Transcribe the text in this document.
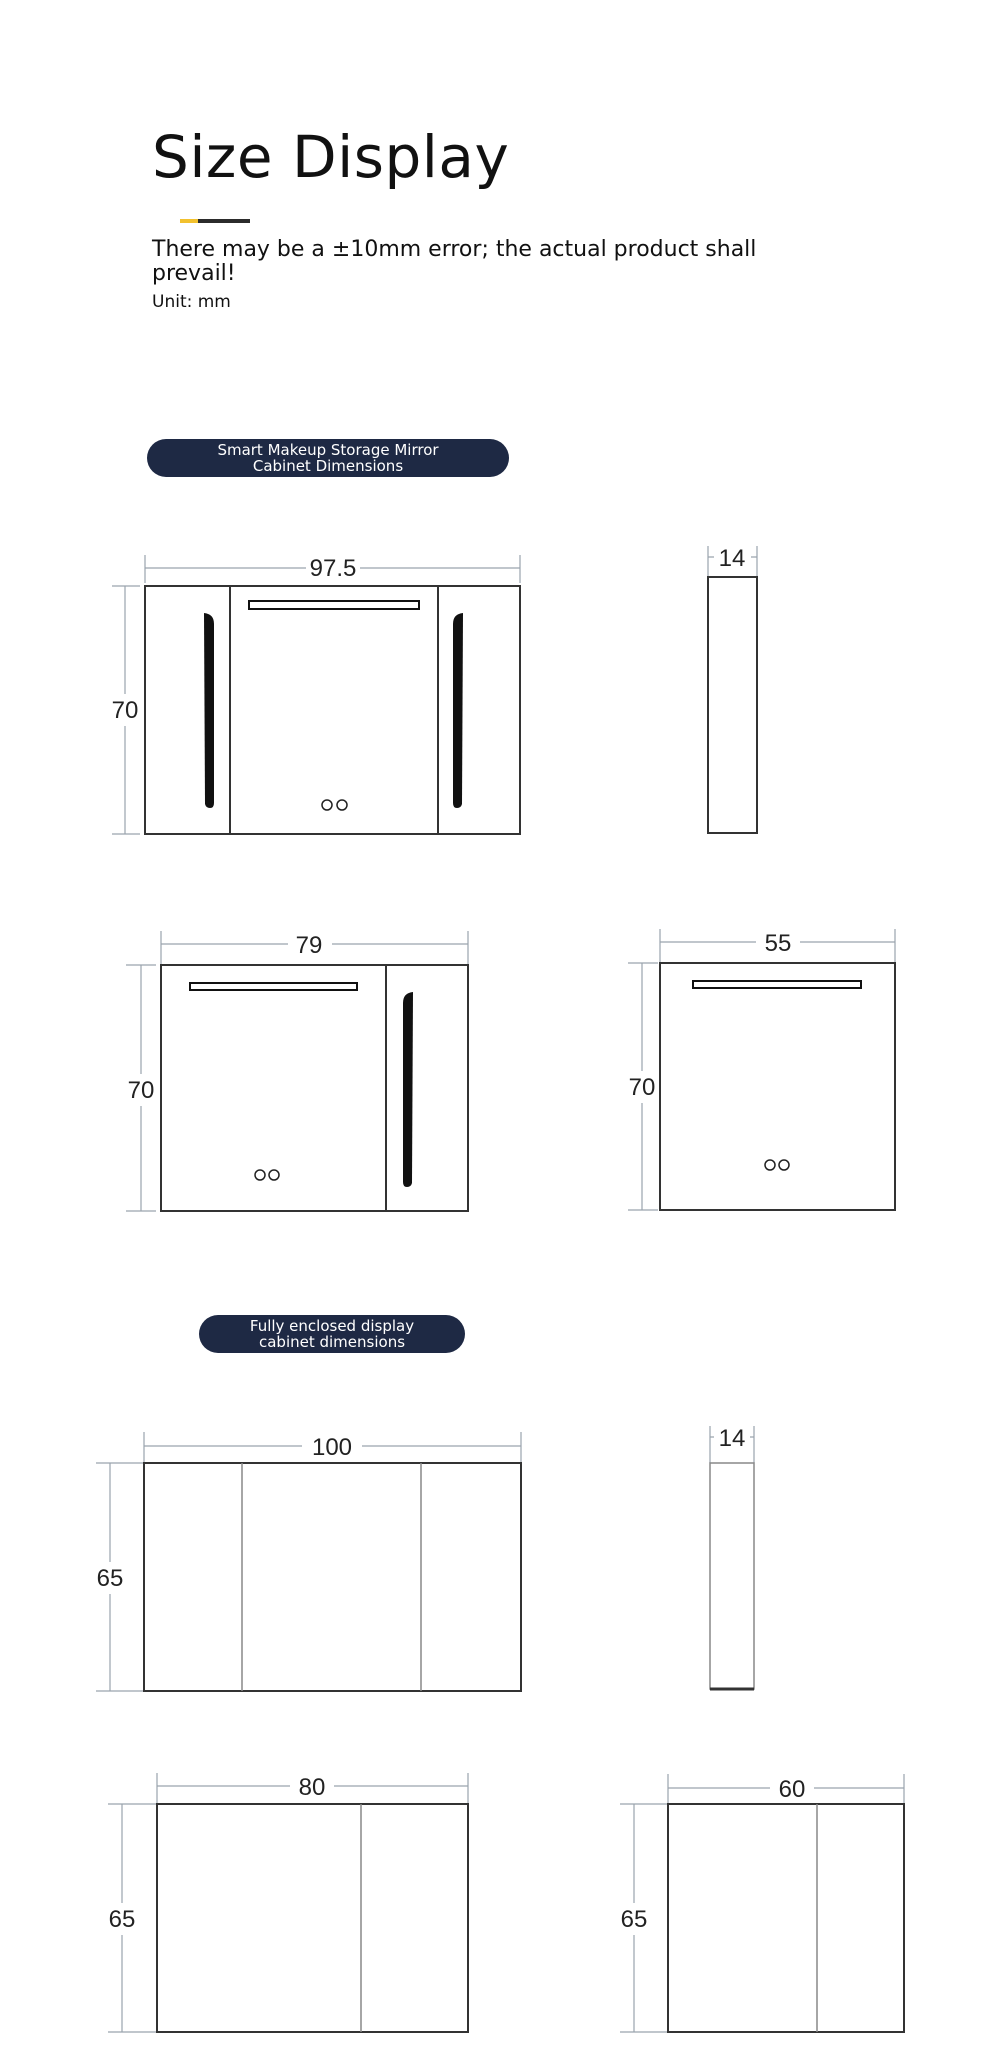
Size Display
There may be a ±10mm error; the actual product shall prevail!
Unit: mm
Smart Makeup Storage Mirror
Cabinet Dimensions
Fully enclosed display
cabinet dimensions
97.5
70
14
79
70
55
70
100
65
14
80
65
60
65
